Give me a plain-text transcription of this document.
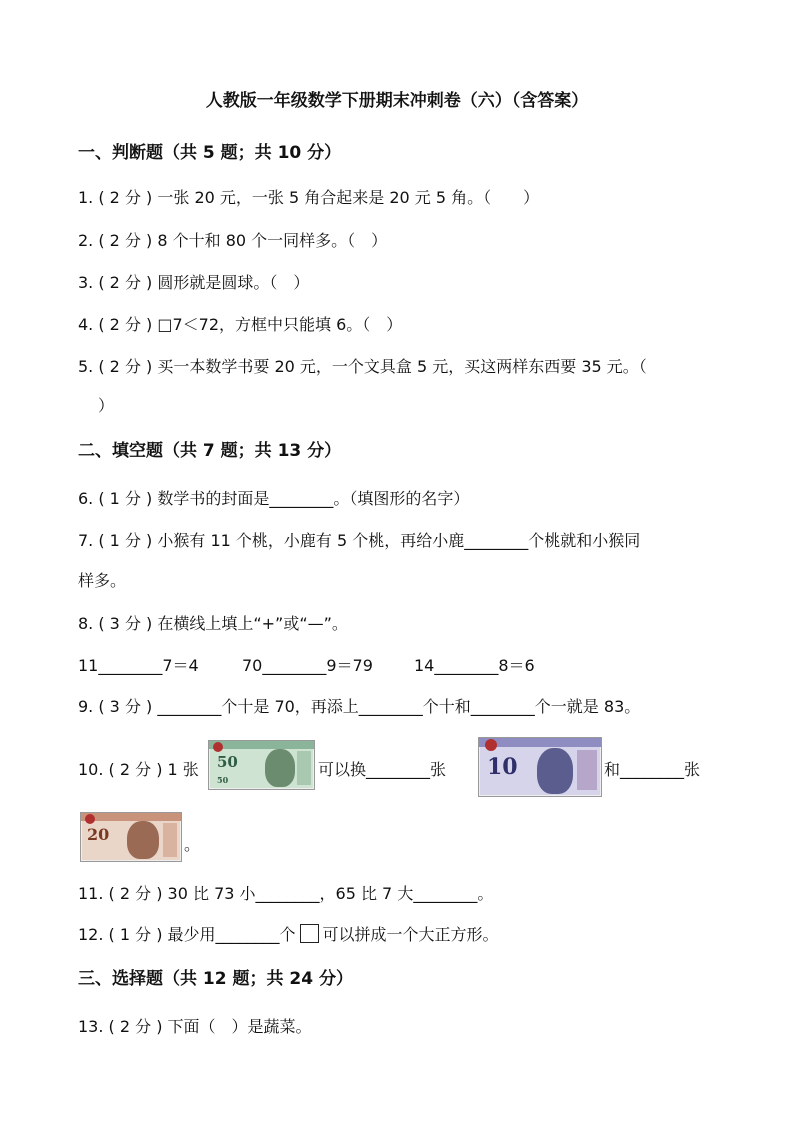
人教版一年级数学下册期末冲刺卷（六）（含答案）
一、判断题（共 5 题；共 10 分）
1. ( 2 分 ) 一张 20 元，一张 5 角合起来是 20 元 5 角。（　　）
2. ( 2 分 ) 8 个十和 80 个一同样多。（　）
3. ( 2 分 ) 圆形就是圆球。（　）
4. ( 2 分 ) □7＜72，方框中只能填 6。（　）
5. ( 2 分 ) 买一本数学书要 20 元，一个文具盒 5 元，买这两样东西要 35 元。（
）
二、填空题（共 7 题；共 13 分）
6. ( 1 分 ) 数学书的封面是________。（填图形的名字）
7. ( 1 分 ) 小猴有 11 个桃，小鹿有 5 个桃，再给小鹿________个桃就和小猴同
样多。
8. ( 3 分 ) 在横线上填上“+”或“—”。
11________7＝4	70________9＝79	14________8＝6
9. ( 3 分 ) ________个十是 70，再添上________个十和________个一就是 83。
10. ( 2 分 ) 1 张 50
50
可以换________张 10	和________张
20
。
11. ( 2 分 ) 30 比 73 小________，65 比 7 大________。
12. ( 1 分 ) 最少用________个 可以拼成一个大正方形。
三、选择题（共 12 题；共 24 分）
13. ( 2 分 ) 下面（　）是蔬菜。
